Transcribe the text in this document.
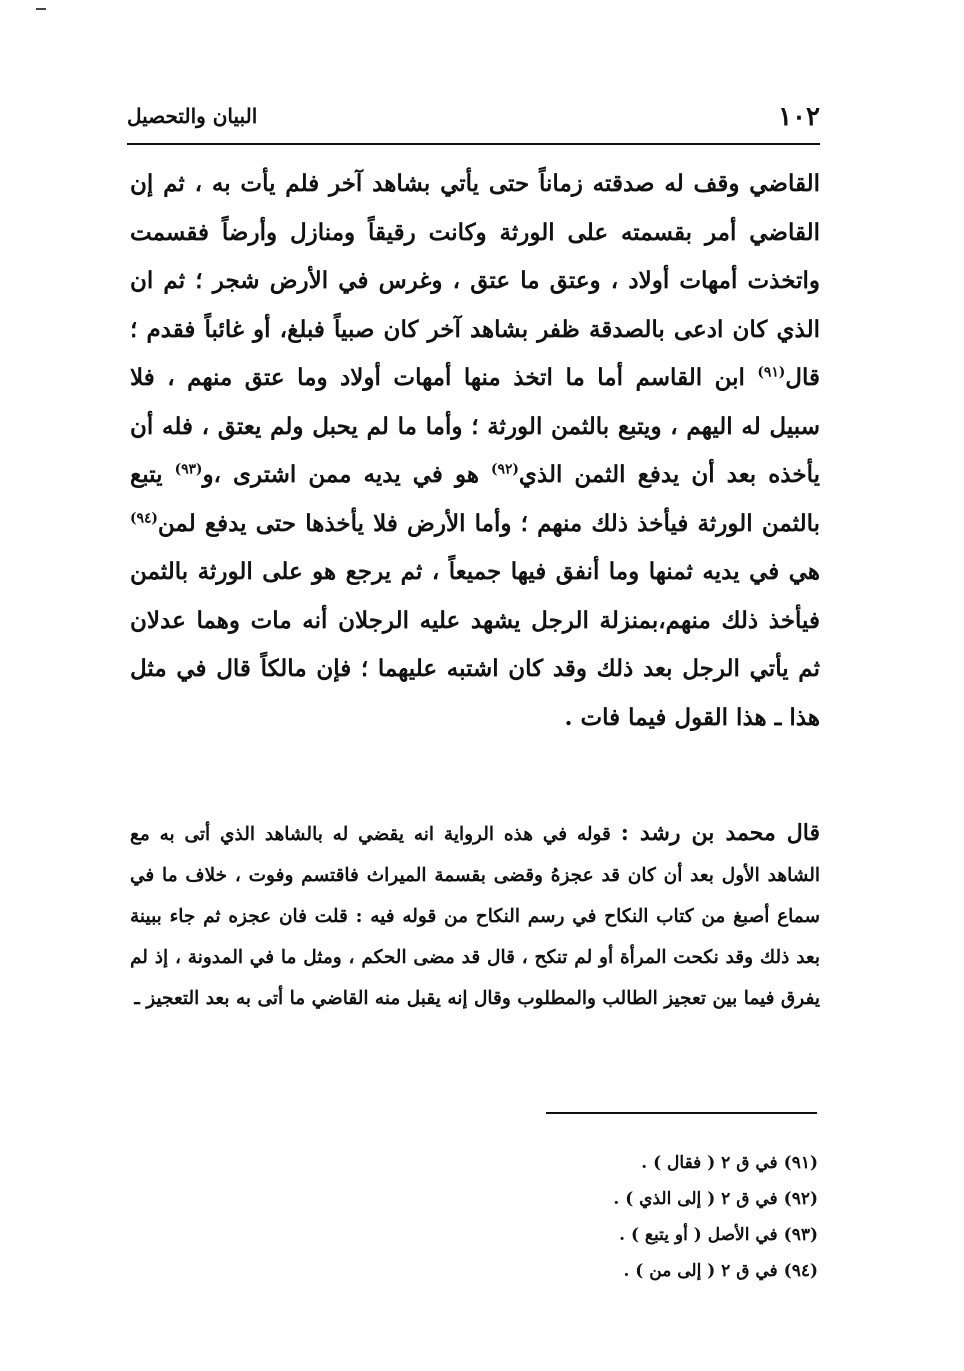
١٠٢
البيان والتحصيل

القاضي وقف له صدقته زماناً حتى يأتي بشاهد آخر فلم يأت به ، ثم إن القاضي أمر بقسمته على الورثة وكانت رقيقاً ومنازل وأرضاً فقسمت واتخذت أمهات أولاد ، وعتق ما عتق ، وغرس في الأرض شجر ؛ ثم ان الذي كان ادعى بالصدقة ظفر بشاهد آخر كان صبياً فبلغ، أو غائباً فقدم ؛ قال$^{(٩١)}$ ابن القاسم أما ما اتخذ منها أمهات أولاد وما عتق منهم ، فلا سبيل له اليهم ، ويتبع بالثمن الورثة ؛ وأما ما لم يحبل ولم يعتق ، فله أن يأخذه بعد أن يدفع الثمن الذي$^{(٩٢)}$ هو في يديه ممن اشترى ،و$^{(٩٣)}$ يتبع بالثمن الورثة فيأخذ ذلك منهم ؛ وأما الأرض فلا يأخذها حتى يدفع لمن$^{(٩٤)}$ هي في يديه ثمنها وما أنفق فيها جميعاً ، ثم يرجع هو على الورثة بالثمن فيأخذ ذلك منهم،بمنزلة الرجل يشهد عليه الرجلان أنه مات وهما عدلان ثم يأتي الرجل بعد ذلك وقد كان اشتبه عليهما ؛ فإن مالكاً قال في مثل هذا ـ هذا القول فيما فات .

قال محمد بن رشد : قوله في هذه الرواية انه يقضي له بالشاهد الذي أتى به مع الشاهد الأول بعد أن كان قد عجزهُ وقضى بقسمة الميراث فاقتسم وفوت ، خلاف ما في سماع أصبغ من كتاب النكاح في رسم النكاح من قوله فيه : قلت فان عجزه ثم جاء ببينة بعد ذلك وقد نكحت المرأة أو لم تنكح ، قال قد مضى الحكم ، ومثل ما في المدونة ، إذ لم يفرق فيما بين تعجيز الطالب والمطلوب وقال إنه يقبل منه القاضي ما أتى به بعد التعجيز ـ

(٩١)في ق ٢ ( فقال ) .
(٩٢)في ق ٢ ( إلى الذي ) .
(٩٣)في الأصل ( أو يتبع ) .
(٩٤)في ق ٢ ( إلى من ) .
